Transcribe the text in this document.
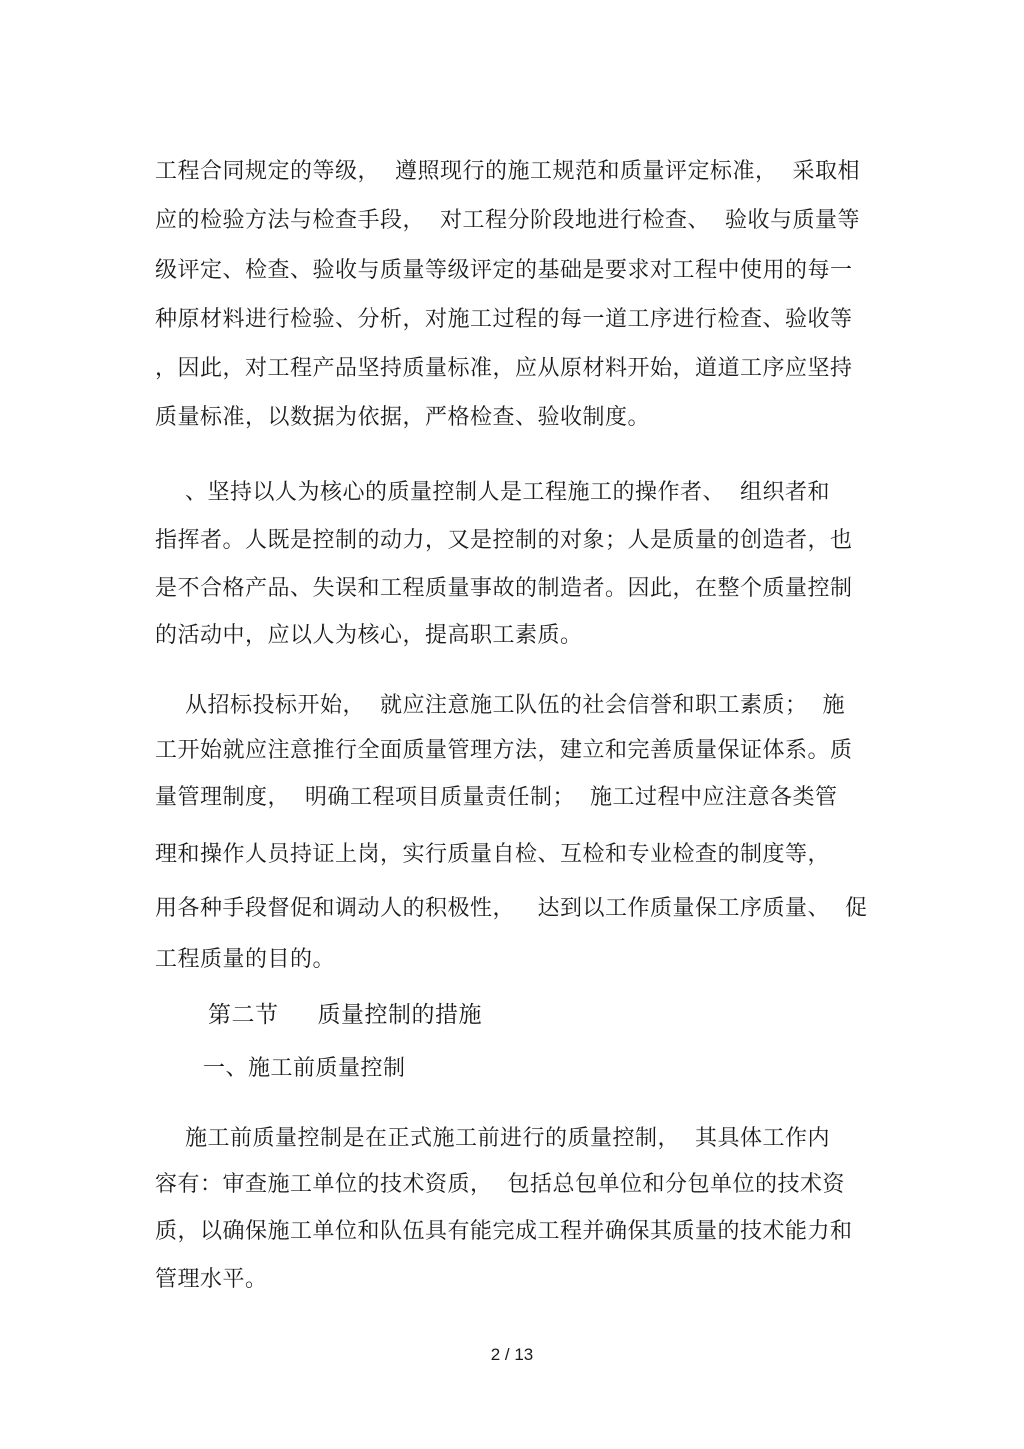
工程合同规定的等级，  遵照现行的施工规范和质量评定标准，  采取相

应的检验方法与检查手段，  对工程分阶段地进行检查、  验收与质量等

级评定、检查、验收与质量等级评定的基础是要求对工程中使用的每一

种原材料进行检验、分析，对施工过程的每一道工序进行检查、验收等

，因此，对工程产品坚持质量标准，应从原材料开始，道道工序应坚持

质量标准，以数据为依据，严格检查、验收制度。

、坚持以人为核心的质量控制人是工程施工的操作者、  组织者和

指挥者。人既是控制的动力，又是控制的对象；人是质量的创造者，也

是不合格产品、失误和工程质量事故的制造者。因此，在整个质量控制

的活动中，应以人为核心，提高职工素质。

从招标投标开始，  就应注意施工队伍的社会信誉和职工素质；  施

工开始就应注意推行全面质量管理方法，建立和完善质量保证体系。质

量管理制度，  明确工程项目质量责任制；  施工过程中应注意各类管

理和操作人员持证上岗，实行质量自检、互检和专业检查的制度等，

用各种手段督促和调动人的积极性，   达到以工作质量保工序质量、  促

工程质量的目的。

第二节     质量控制的措施
一、施工前质量控制

施工前质量控制是在正式施工前进行的质量控制，  其具体工作内

容有：审查施工单位的技术资质，  包括总包单位和分包单位的技术资

质，以确保施工单位和队伍具有能完成工程并确保其质量的技术能力和

管理水平。

2 / 13
